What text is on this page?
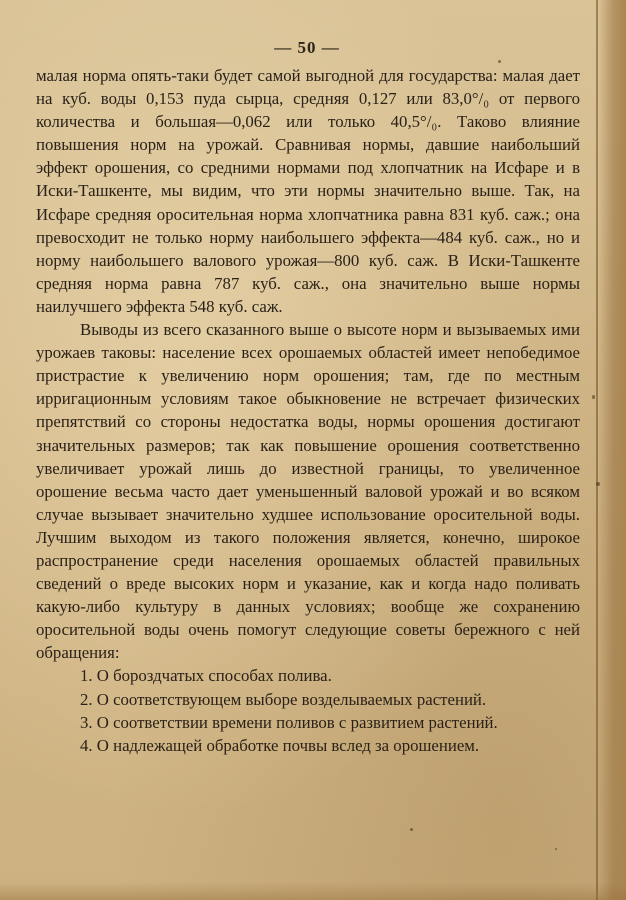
— 50 —

малая норма опять-таки будет самой выгодной для государства: малая дает на куб. воды 0,153 пуда сырца, средняя 0,127 или 83,0°/₀ от первого количества и большая—0,062 или только 40,5°/₀. Таково влияние повышения норм на урожай. Сравнивая нормы, давшие наибольший эффект орошения, со средними нормами под хлопчатник на Исфаре и в Иски-Ташкенте, мы видим, что эти нормы значительно выше. Так, на Исфаре средняя оросительная норма хлопчатника равна 831 куб. саж.; она превосходит не только норму наибольшего эффекта—484 куб. саж., но и норму наибольшего валового урожая—800 куб. саж. В Иски-Ташкенте средняя норма равна 787 куб. саж., она значительно выше нормы наилучшего эффекта 548 куб. саж.

Выводы из всего сказанного выше о высоте норм и вызываемых ими урожаев таковы: население всех орошаемых областей имеет непобедимое пристрастие к увеличению норм орошения; там, где по местным ирригационным условиям такое обыкновение не встречает физических препятствий со стороны недостатка воды, нормы орошения достигают значительных размеров; так как повышение орошения соответственно увеличивает урожай лишь до известной границы, то увеличенное орошение весьма часто дает уменьшенный валовой урожай и во всяком случае вызывает значительно худшее использование оросительной воды. Лучшим выходом из такого положения является, конечно, широкое распространение среди населения орошаемых областей правильных сведений о вреде высоких норм и указание, как и когда надо поливать какую-либо культуру в данных условиях; вообще же сохранению оросительной воды очень помогут следующие советы бережного с ней обращения:

1. О бороздчатых способах полива.
2. О соответствующем выборе возделываемых растений.
3. О соответствии времени поливов с развитием растений.
4. О надлежащей обработке почвы вслед за орошением.
